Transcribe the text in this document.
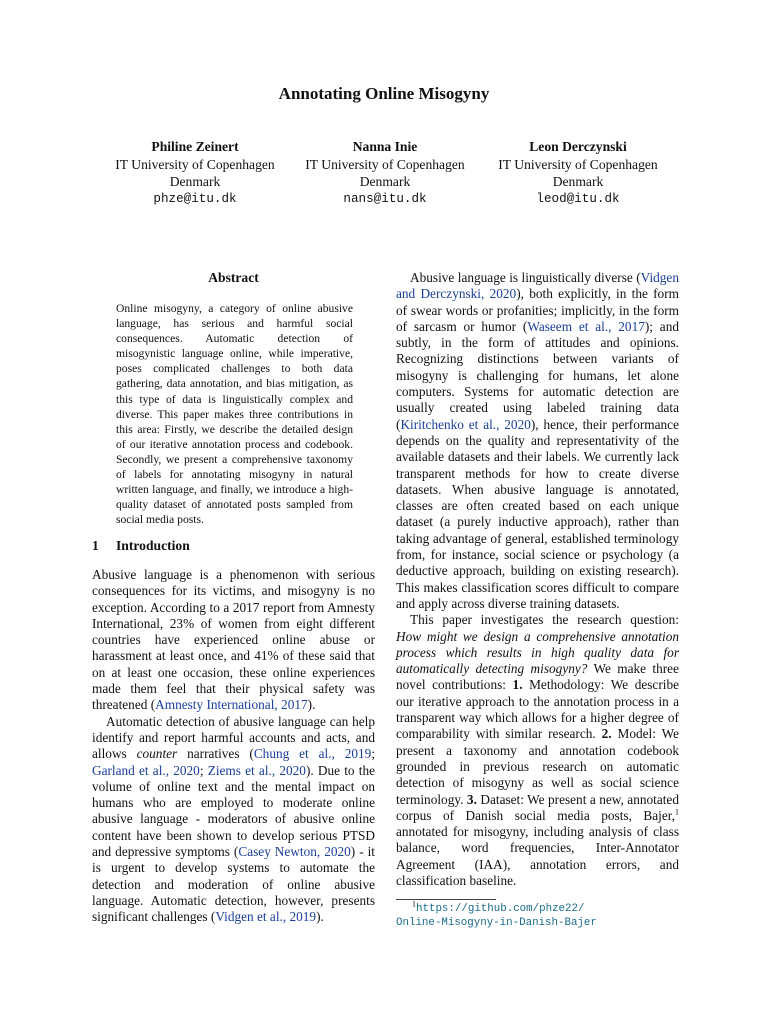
Annotating Online Misogyny
Philine Zeinert
IT University of Copenhagen
Denmark
phze@itu.dk
Nanna Inie
IT University of Copenhagen
Denmark
nans@itu.dk
Leon Derczynski
IT University of Copenhagen
Denmark
leod@itu.dk
Abstract
Online misogyny, a category of online abusive language, has serious and harmful social consequences. Automatic detection of misogynistic language online, while imperative, poses complicated challenges to both data gathering, data annotation, and bias mitigation, as this type of data is linguistically complex and diverse. This paper makes three contributions in this area: Firstly, we describe the detailed design of our iterative annotation process and codebook. Secondly, we present a comprehensive taxonomy of labels for annotating misogyny in natural written language, and finally, we introduce a high-quality dataset of annotated posts sampled from social media posts.
1 Introduction

Abusive language is a phenomenon with serious consequences for its victims, and misogyny is no exception. According to a 2017 report from Amnesty International, 23% of women from eight different countries have experienced online abuse or harassment at least once, and 41% of these said that on at least one occasion, these online experiences made them feel that their physical safety was threatened (Amnesty International, 2017).

Automatic detection of abusive language can help identify and report harmful accounts and acts, and allows counter narratives (Chung et al., 2019; Garland et al., 2020; Ziems et al., 2020). Due to the volume of online text and the mental impact on humans who are employed to moderate online abusive language - moderators of abusive online content have been shown to develop serious PTSD and depressive symptoms (Casey Newton, 2020) - it is urgent to develop systems to automate the detection and moderation of online abusive language. Automatic detection, however, presents significant challenges (Vidgen et al., 2019).

Abusive language is linguistically diverse (Vidgen and Derczynski, 2020), both explicitly, in the form of swear words or profanities; implicitly, in the form of sarcasm or humor (Waseem et al., 2017); and subtly, in the form of attitudes and opinions. Recognizing distinctions between variants of misogyny is challenging for humans, let alone computers. Systems for automatic detection are usually created using labeled training data (Kiritchenko et al., 2020), hence, their performance depends on the quality and representativity of the available datasets and their labels. We currently lack transparent methods for how to create diverse datasets. When abusive language is annotated, classes are often created based on each unique dataset (a purely inductive approach), rather than taking advantage of general, established terminology from, for instance, social science or psychology (a deductive approach, building on existing research). This makes classification scores difficult to compare and apply across diverse training datasets.

This paper investigates the research question: How might we design a comprehensive annotation process which results in high quality data for automatically detecting misogyny? We make three novel contributions: 1. Methodology: We describe our iterative approach to the annotation process in a transparent way which allows for a higher degree of comparability with similar research. 2. Model: We present a taxonomy and annotation codebook grounded in previous research on automatic detection of misogyny as well as social science terminology. 3. Dataset: We present a new, annotated corpus of Danish social media posts, Bajer,$^1$ annotated for misogyny, including analysis of class balance, word frequencies, Inter-Annotator Agreement (IAA), annotation errors, and classification baseline.

$^1$https://github.com/phze22/
Online-Misogyny-in-Danish-Bajer
